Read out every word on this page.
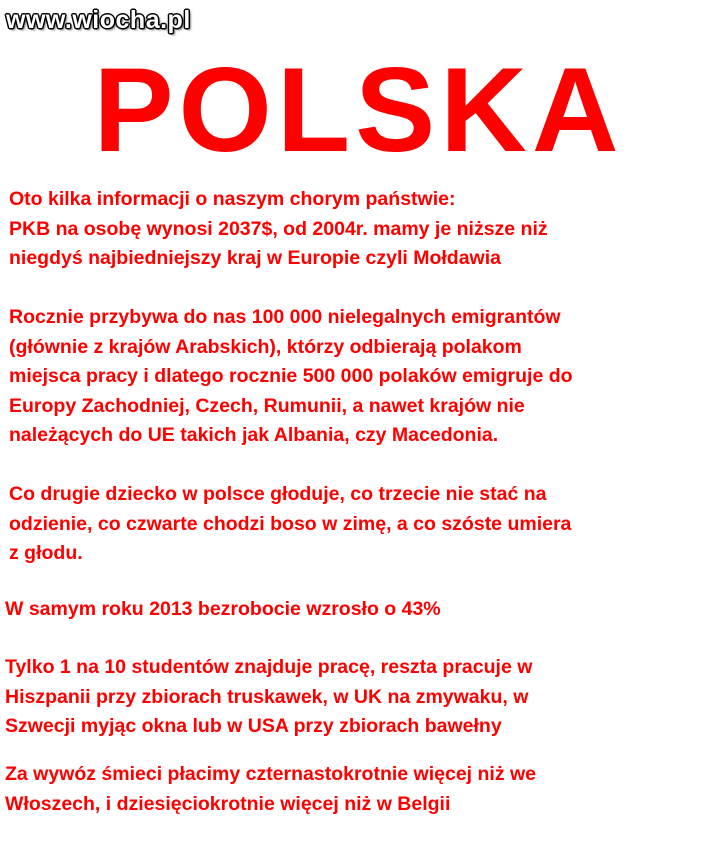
www.wiocha.pl
POLSKA
Oto kilka informacji o naszym chorym państwie:
PKB na osobę wynosi 2037$, od 2004r. mamy je niższe niż
niegdyś najbiedniejszy kraj w Europie czyli Mołdawia
Rocznie przybywa do nas 100 000 nielegalnych emigrantów
(głównie z krajów Arabskich), którzy odbierają polakom
miejsca pracy i dlatego rocznie 500 000 polaków emigruje do
Europy Zachodniej, Czech, Rumunii, a nawet krajów nie
należących do UE takich jak Albania, czy Macedonia.
Co drugie dziecko w polsce głoduje, co trzecie nie stać na
odzienie, co czwarte chodzi boso w zimę, a co szóste umiera
z głodu.
W samym roku 2013 bezrobocie wzrosło o 43%
Tylko 1 na 10 studentów znajduje pracę, reszta pracuje w
Hiszpanii przy zbiorach truskawek, w UK na zmywaku, w
Szwecji myjąc okna lub w USA przy zbiorach bawełny
Za wywóz śmieci płacimy czternastokrotnie więcej niż we
Włoszech, i dziesięciokrotnie więcej niż w Belgii
